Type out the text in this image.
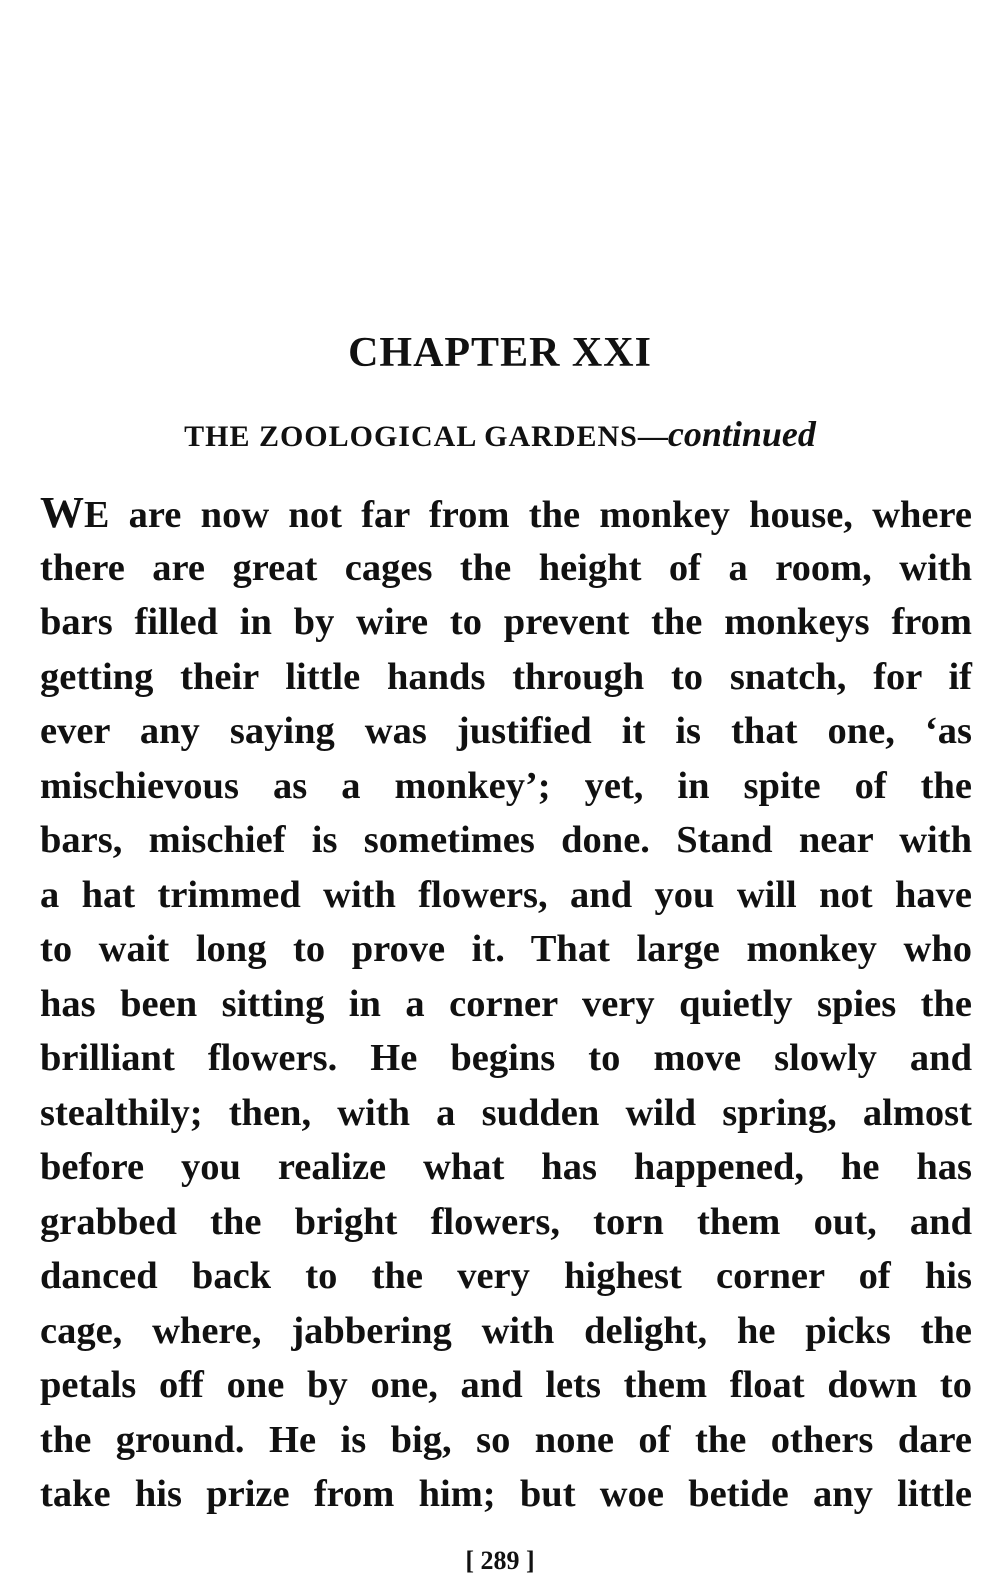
CHAPTER XXI
THE ZOOLOGICAL GARDENS—continued
WE are now not far from the monkey house, where
there are great cages the height of a room, with
bars filled in by wire to prevent the monkeys from
getting their little hands through to snatch, for if
ever any saying was justified it is that one, ‘as
mischievous as a monkey’; yet, in spite of the
bars, mischief is sometimes done. Stand near with
a hat trimmed with flowers, and you will not have
to wait long to prove it. That large monkey who
has been sitting in a corner very quietly spies the
brilliant flowers. He begins to move slowly and
stealthily; then, with a sudden wild spring, almost
before you realize what has happened, he has
grabbed the bright flowers, torn them out, and
danced back to the very highest corner of his
cage, where, jabbering with delight, he picks the
petals off one by one, and lets them float down to
the ground. He is big, so none of the others dare
take his prize from him; but woe betide any little
[ 289 ]
